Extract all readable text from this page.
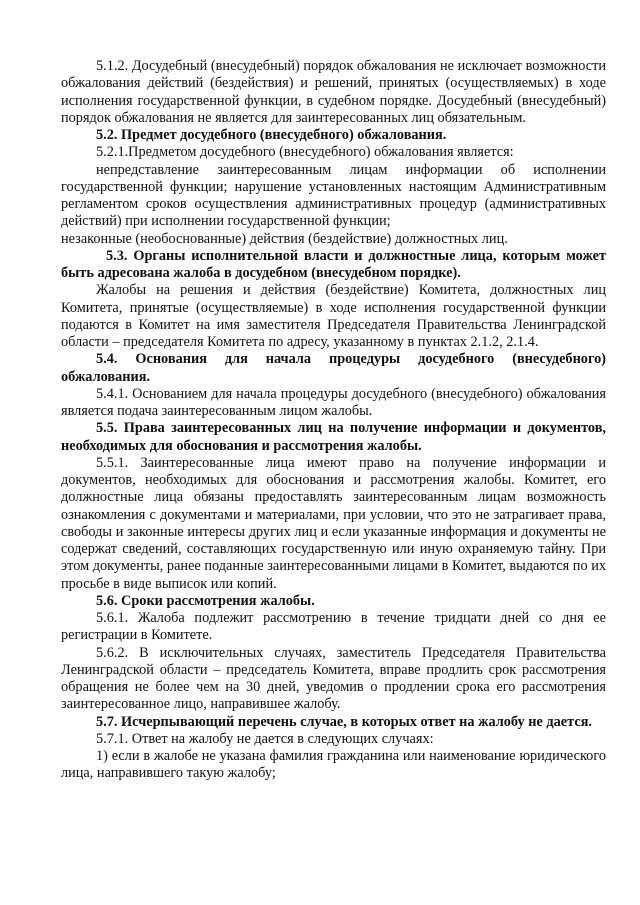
5.1.2. Досудебный (внесудебный) порядок обжалования не исключает возможности обжалования действий (бездействия) и решений, принятых (осуществляемых) в ходе исполнения государственной функции, в судебном порядке. Досудебный (внесудебный) порядок обжалования не является для заинтересованных лиц обязательным.

5.2. Предмет досудебного (внесудебного) обжалования.

5.2.1.Предметом досудебного (внесудебного) обжалования является:

непредставление заинтересованным лицам информации об исполнении государственной функции; нарушение установленных настоящим Административным регламентом сроков осуществления административных процедур (административных действий) при исполнении государственной функции;

незаконные (необоснованные) действия (бездействие) должностных лиц.

5.3. Органы исполнительной власти и должностные лица, которым может быть адресована жалоба в досудебном (внесудебном порядке).

Жалобы на решения и действия (бездействие) Комитета, должностных лиц Комитета, принятые (осуществляемые) в ходе исполнения государственной функции подаются в Комитет на имя заместителя Председателя Правительства Ленинградской области – председателя Комитета по адресу, указанному в пунктах 2.1.2, 2.1.4.

5.4. Основания для начала процедуры досудебного (внесудебного) обжалования.

5.4.1. Основанием для начала процедуры досудебного (внесудебного) обжалования является подача заинтересованным лицом жалобы.

5.5. Права заинтересованных лиц на получение информации и документов, необходимых для обоснования и рассмотрения жалобы.

5.5.1. Заинтересованные лица имеют право на получение информации и документов, необходимых для обоснования и рассмотрения жалобы. Комитет, его должностные лица обязаны предоставлять заинтересованным лицам возможность ознакомления с документами и материалами, при условии, что это не затрагивает права, свободы и законные интересы других лиц и если указанные информация и документы не содержат сведений, составляющих государственную или иную охраняемую тайну. При этом документы, ранее поданные заинтересованными лицами в Комитет, выдаются по их просьбе в виде выписок или копий.

5.6. Сроки рассмотрения жалобы.

5.6.1. Жалоба подлежит рассмотрению в течение тридцати дней со дня ее регистрации в Комитете.

5.6.2. В исключительных случаях, заместитель Председателя Правительства Ленинградской области – председатель Комитета, вправе продлить срок рассмотрения обращения не более чем на 30 дней, уведомив о продлении срока его рассмотрения заинтересованное лицо, направившее жалобу.

5.7. Исчерпывающий перечень случае, в которых ответ на жалобу не дается.

5.7.1. Ответ на жалобу не дается в следующих случаях:

1) если в жалобе не указана фамилия гражданина или наименование юридического лица, направившего такую жалобу;
